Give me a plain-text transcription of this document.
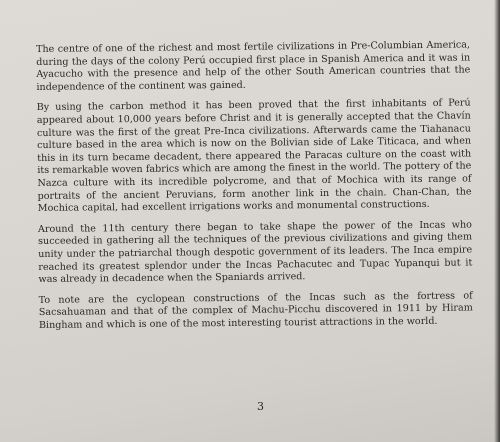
The centre of one of the richest and most fertile civilizations in Pre-Columbian America, during the days of the colony Perú occupied first place in Spanish America and it was in Ayacucho with the presence and help of the other South American countries that the independence of the continent was gained.

By using the carbon method it has been proved that the first inhabitants of Perú appeared about 10,000 years before Christ and it is generally accepted that the Chavín culture was the first of the great Pre-Inca civilizations. Afterwards came the Tiahanacu culture based in the area which is now on the Bolivian side of Lake Titicaca, and when this in its turn became decadent, there appeared the Paracas culture on the coast with its remarkable woven fabrics which are among the finest in the world. The pottery of the Nazca culture with its incredible polycrome, and that of Mochica with its range of portraits of the ancient Peruvians, form another link in the chain. Chan-Chan, the Mochica capital, had excellent irrigations works and monumental constructions.

Around the 11th century there began to take shape the power of the Incas who succeeded in gathering all the techniques of the previous civilizations and giving them unity under the patriarchal though despotic government of its leaders. The Inca empire reached its greatest splendor under the Incas Pachacutec and Tupac Yupanqui but it was already in decadence when the Spaniards arrived.

To note are the cyclopean constructions of the Incas such as the fortress of Sacsahuaman and that of the complex of Machu-Picchu discovered in 1911 by Hiram Bingham and which is one of the most interesting tourist attractions in the world.

3
